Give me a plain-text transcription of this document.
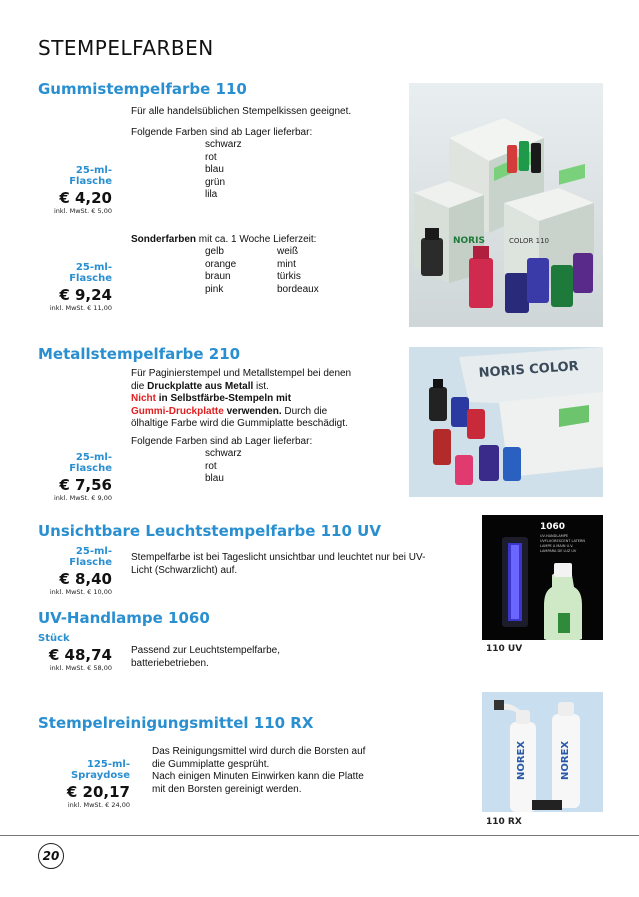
STEMPELFARBEN
Gummistempelfarbe 110
Für alle handelsüblichen Stempelkissen geeignet.
Folgende Farben sind ab Lager lieferbar:
schwarz
rot
blau
grün
lila
25-ml-Flasche
€ 4,20
inkl. MwSt. € 5,00
Sonderfarben mit ca. 1 Woche Lieferzeit:
gelb
orange
braun
pink
weiß
mint
türkis
bordeaux
25-ml-Flasche
€ 9,24
inkl. MwSt. € 11,00
NORIS	COLOR 110
Metallstempelfarbe 210
Für Paginierstempel und Metallstempel bei denen
die Druckplatte aus Metall ist.
Nicht in Selbstfärbe-Stempeln mit
Gummi-Druckplatte verwenden. Durch die
ölhaltige Farbe wird die Gummiplatte beschädigt.
Folgende Farben sind ab Lager lieferbar:
schwarz
rot
blau
25-ml-Flasche
€ 7,56
inkl. MwSt. € 9,00
NORIS COLOR
Unsichtbare Leuchtstempelfarbe 110 UV
25-ml-Flasche
€ 8,40
inkl. MwSt. € 10,00
Stempelfarbe ist bei Tageslicht unsichtbar und leuchtet nur bei UV-Licht (Schwarzlicht) auf.
1060
UV-HANDLAMPE
UVFLUORESCENT LATERN
LAMPE A MAIN U.V.
LAMPARA DE LUZ UV
110 UV
UV-Handlampe 1060
Stück
€ 48,74
inkl. MwSt. € 58,00
Passend zur Leuchtstempelfarbe,
batteriebetrieben.
Stempelreinigungsmittel 110 RX
Das Reinigungsmittel wird durch die Borsten auf
die Gummiplatte gesprüht.
Nach einigen Minuten Einwirken kann die Platte
mit den Borsten gereinigt werden.
125-ml-Spraydose
€ 20,17
inkl. MwSt. € 24,00
NOREX	NOREX
110 RX
20
